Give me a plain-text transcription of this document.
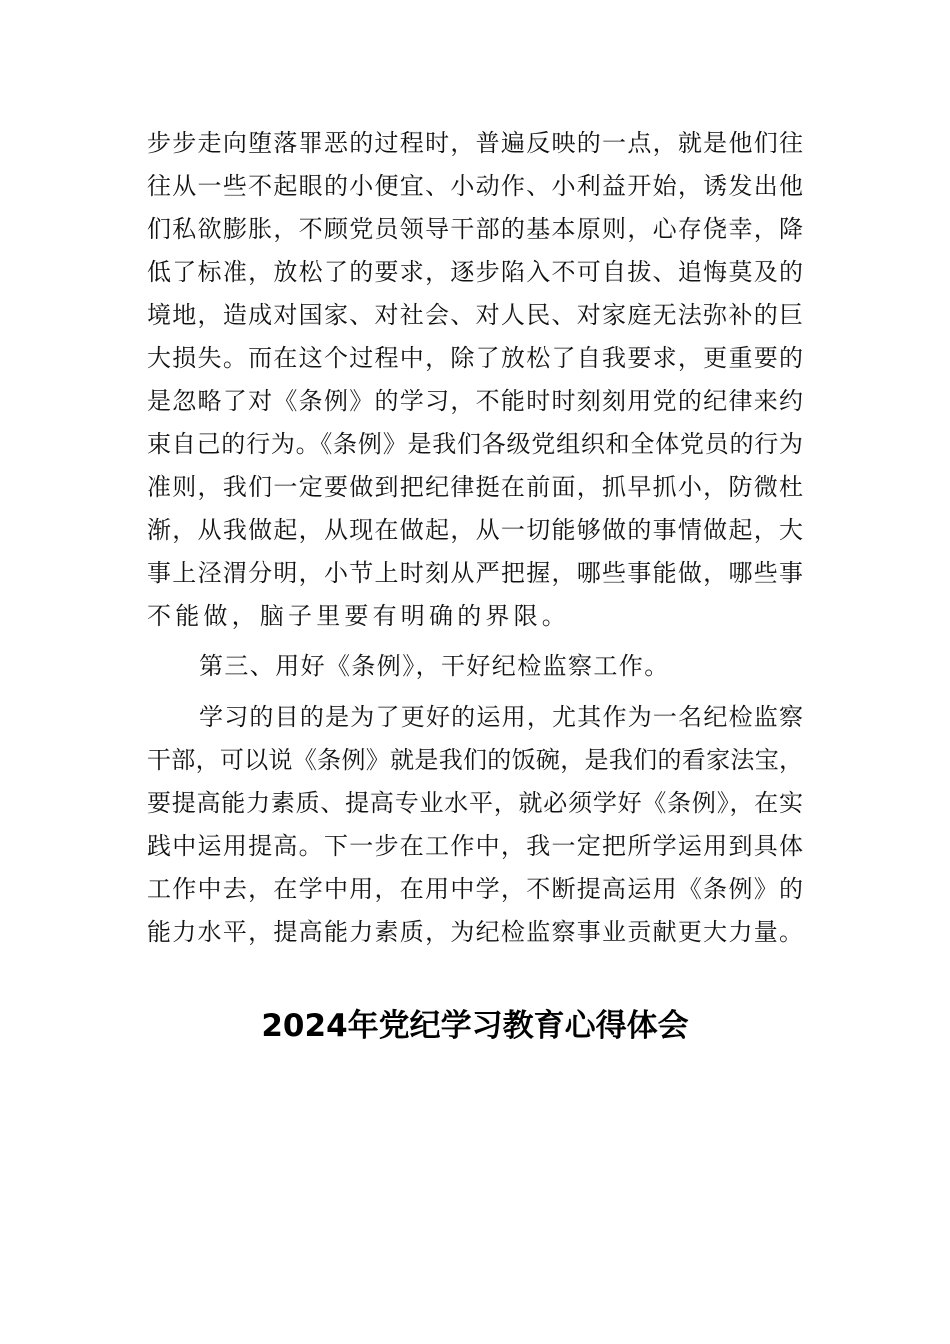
步步走向堕落罪恶的过程时，普遍反映的一点，就是他们往
往从一些不起眼的小便宜、小动作、小利益开始，诱发出他
们私欲膨胀，不顾党员领导干部的基本原则，心存侥幸，降
低了标准，放松了的要求，逐步陷入不可自拔、追悔莫及的
境地，造成对国家、对社会、对人民、对家庭无法弥补的巨
大损失。而在这个过程中，除了放松了自我要求，更重要的
是忽略了对《条例》的学习，不能时时刻刻用党的纪律来约
束自己的行为。《条例》是我们各级党组织和全体党员的行为
准则，我们一定要做到把纪律挺在前面，抓早抓小，防微杜
渐，从我做起，从现在做起，从一切能够做的事情做起，大
事上泾渭分明，小节上时刻从严把握，哪些事能做，哪些事
不能做，脑子里要有明确的界限。
第三、用好《条例》，干好纪检监察工作。
学习的目的是为了更好的运用，尤其作为一名纪检监察
干部，可以说《条例》就是我们的饭碗，是我们的看家法宝，
要提高能力素质、提高专业水平，就必须学好《条例》，在实
践中运用提高。下一步在工作中，我一定把所学运用到具体
工作中去，在学中用，在用中学，不断提高运用《条例》的
能力水平，提高能力素质，为纪检监察事业贡献更大力量。
2024年党纪学习教育心得体会
